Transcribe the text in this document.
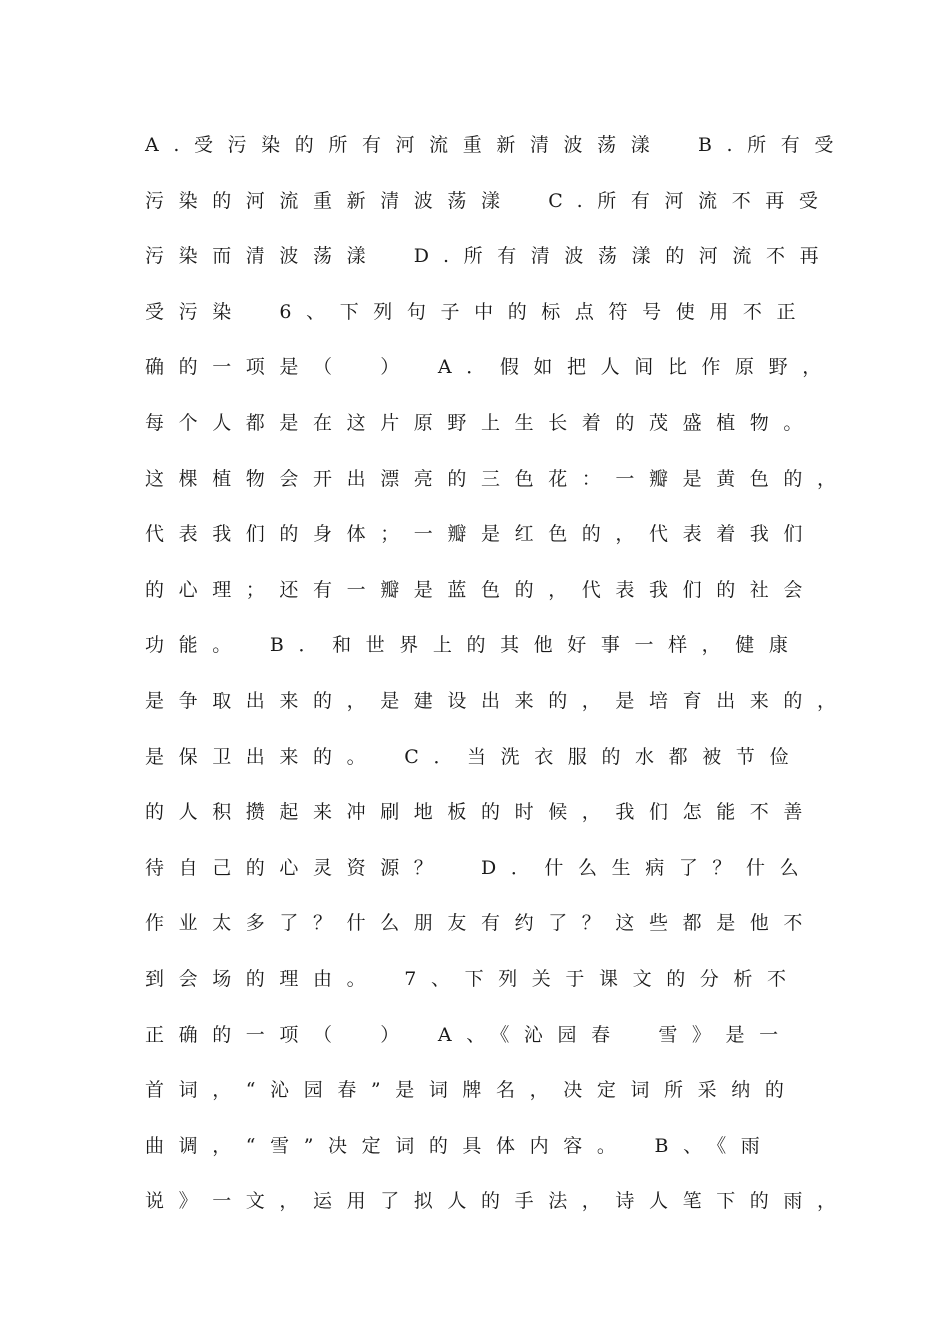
A.受污染的所有河流重新清波荡漾　B.所有受
污染的河流重新清波荡漾　C.所有河流不再受
污染而清波荡漾　D.所有清波荡漾的河流不再
受污染　6、下列句子中的标点符号使用不正
确的一项是（　）　A．假如把人间比作原野，
每个人都是在这片原野上生长着的茂盛植物。
这棵植物会开出漂亮的三色花：一瓣是黄色的，
代表我们的身体；一瓣是红色的，代表着我们
的心理；还有一瓣是蓝色的，代表我们的社会
功能。　B．和世界上的其他好事一样，健康
是争取出来的，是建设出来的，是培育出来的，
是保卫出来的。　C．当洗衣服的水都被节俭
的人积攒起来冲刷地板的时候，我们怎能不善
待自己的心灵资源？　D．什么生病了？什么
作业太多了？什么朋友有约了？这些都是他不
到会场的理由。　7、下列关于课文的分析不
正确的一项（　）　A、《沁园春　雪》是一
首词，“沁园春”是词牌名，决定词所采纳的
曲调，“雪”决定词的具体内容。　B、《雨
说》一文，运用了拟人的手法，诗人笔下的雨，
